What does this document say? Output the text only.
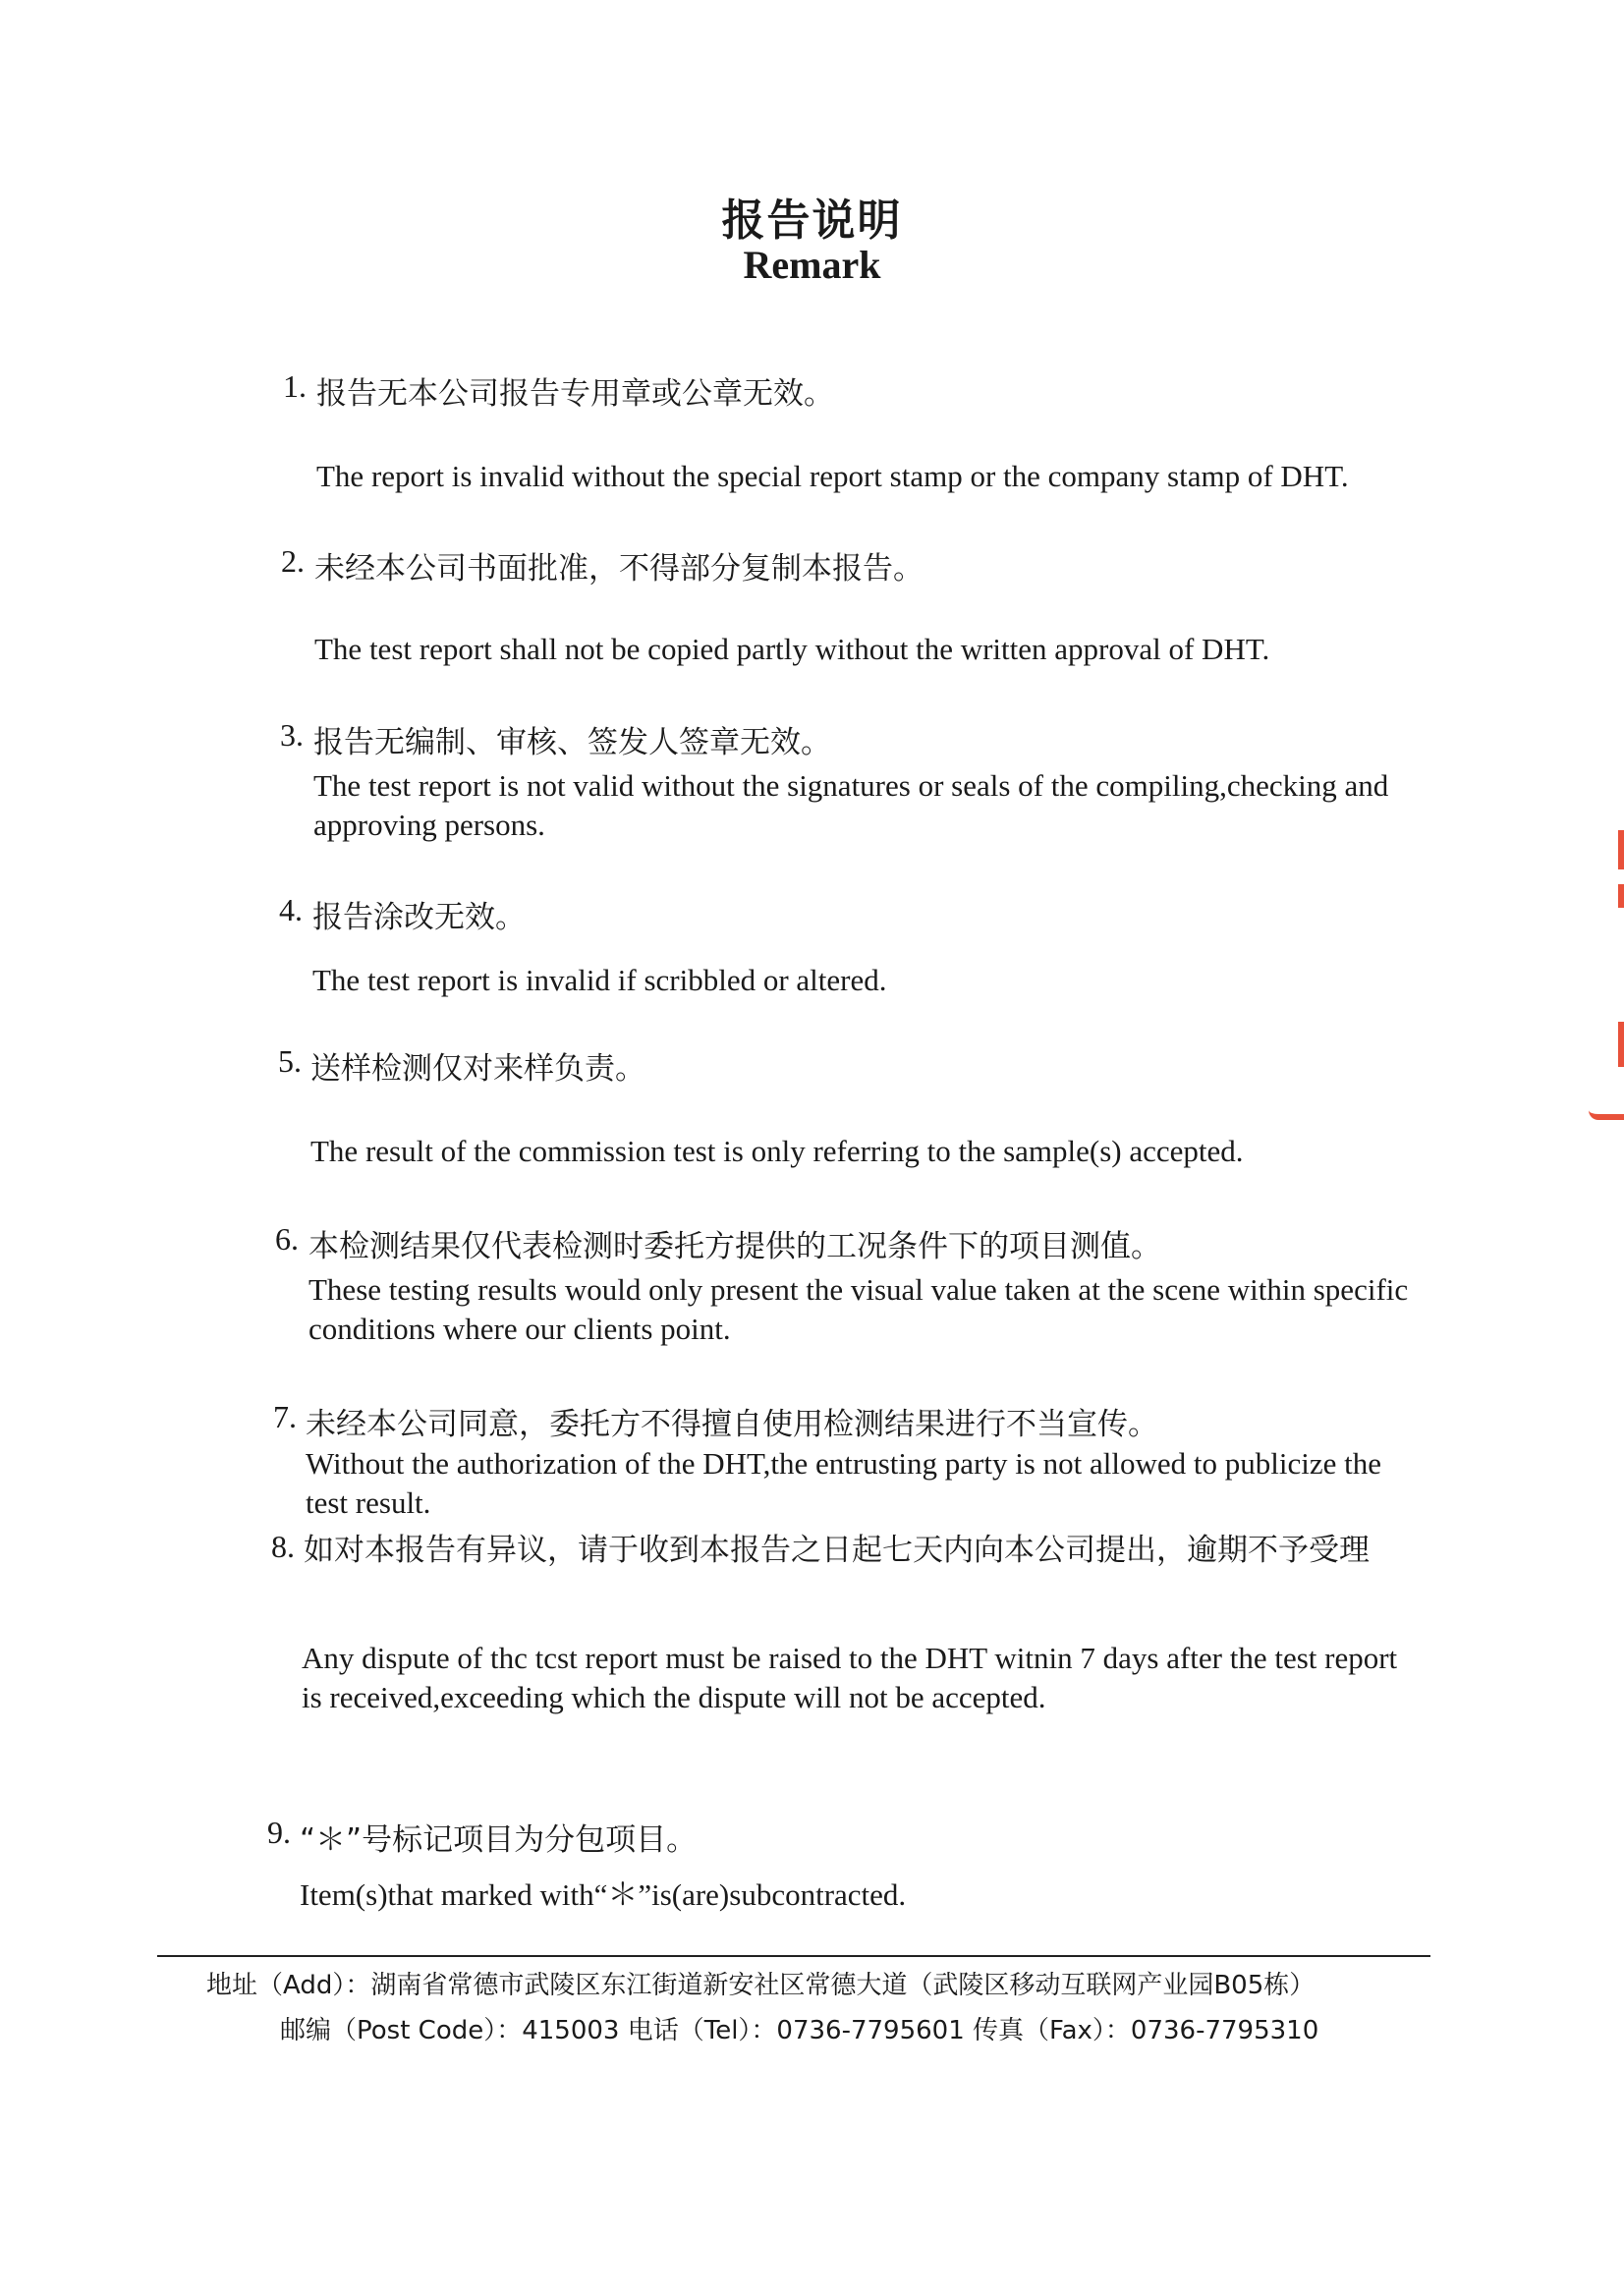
报告说明
Remark
1. 报告无本公司报告专用章或公章无效。
The report is invalid without the special report stamp or the company stamp of DHT.
2. 未经本公司书面批准，不得部分复制本报告。
The test report shall not be copied partly without the written approval of DHT.
3. 报告无编制、审核、签发人签章无效。
The test report is not valid without the signatures or seals of the compiling,checking and approving persons.
4. 报告涂改无效。
The test report is invalid if scribbled or altered.
5. 送样检测仅对来样负责。
The result of the commission test is only referring to the sample(s) accepted.
6. 本检测结果仅代表检测时委托方提供的工况条件下的项目测值。
These testing results would only present the visual value taken at the scene within specific conditions where our clients point.
7. 未经本公司同意，委托方不得擅自使用检测结果进行不当宣传。
Without the authorization of the DHT,the entrusting party is not allowed to publicize the test result.
8. 如对本报告有异议，请于收到本报告之日起七天内向本公司提出，逾期不予受理
Any dispute of thc tcst report must be raised to the DHT witnin 7 days after the test report is received,exceeding which the dispute will not be accepted.
9. “＊”号标记项目为分包项目。
Item(s)that marked with“＊”is(are)subcontracted.
地址（Add）：湖南省常德市武陵区东江街道新安社区常德大道（武陵区移动互联网产业园B05栋）
邮编（Post Code）：415003 电话（Tel）：0736-7795601 传真（Fax）：0736-7795310
